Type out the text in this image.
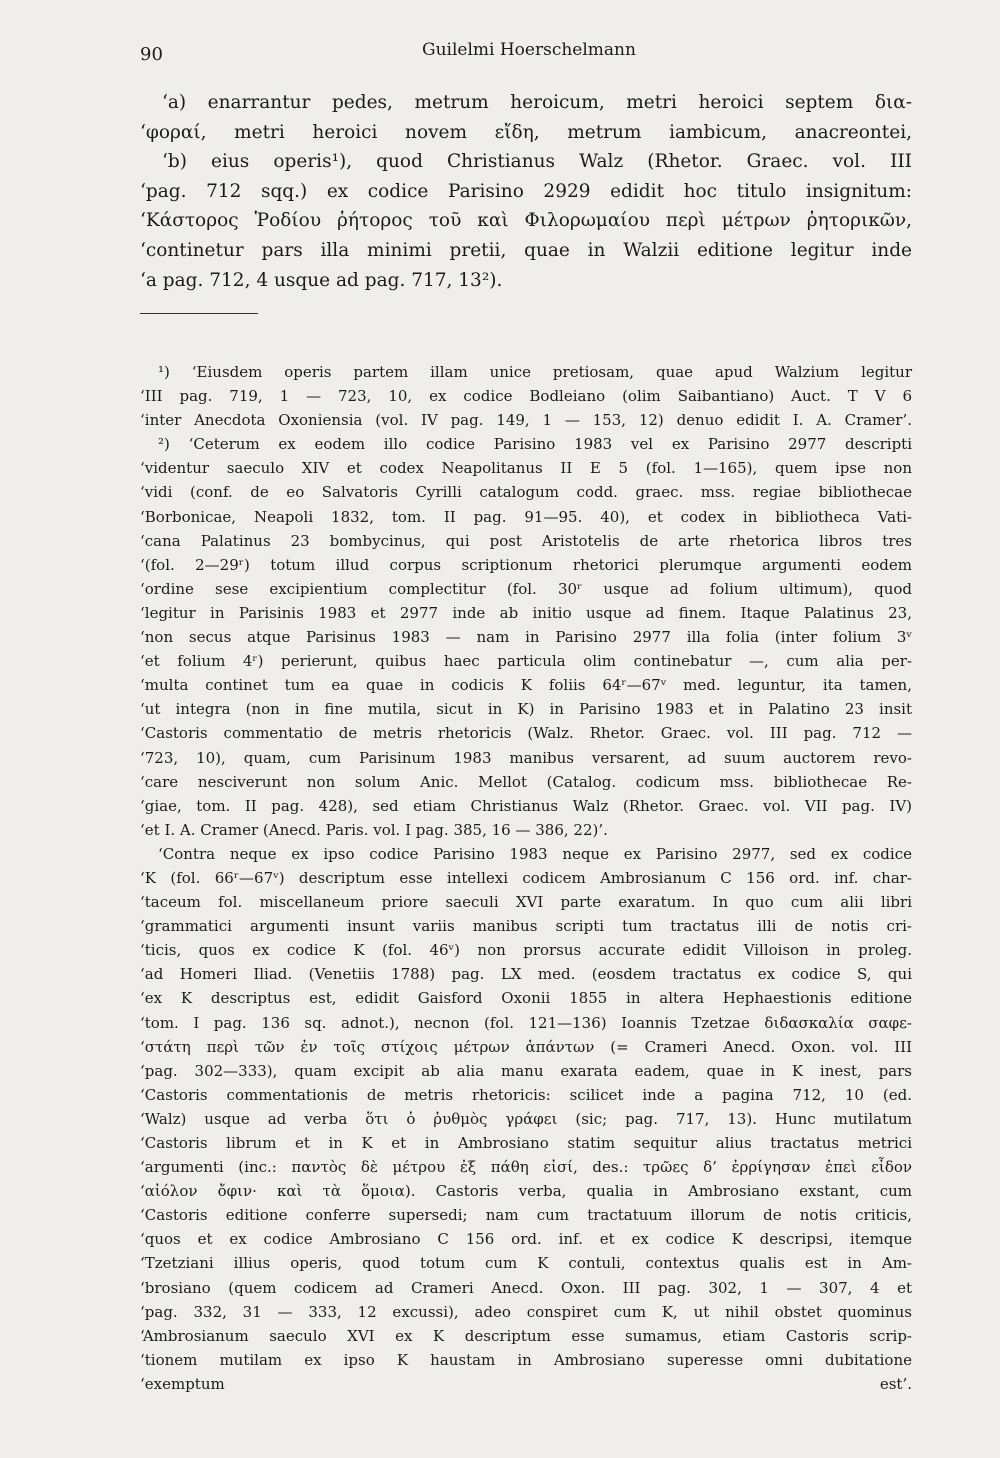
90	Guilelmi Hoerschelmann
‘a) enarrantur pedes, metrum heroicum, metri heroici septem δια-
‘φοραί, metri heroici novem εἴδη, metrum iambicum, anacreontei,
‘b) eius operis¹), quod Christianus Walz (Rhetor. Graec. vol. III
‘pag. 712 sqq.) ex codice Parisino 2929 edidit hoc titulo insignitum:
‘Κάστορος Ῥοδίου ῥήτορος τοῦ καὶ Φιλορωμαίου περὶ μέτρων ῥητορικῶν,
‘continetur pars illa minimi pretii, quae in Walzii editione legitur inde
‘a pag. 712, 4 usque ad pag. 717, 13²).
¹) ‘Eiusdem operis partem illam unice pretiosam, quae apud Walzium legitur
‘III pag. 719, 1 — 723, 10, ex codice Bodleiano (olim Saibantiano) Auct. T V 6
‘inter Anecdota Oxoniensia (vol. IV pag. 149, 1 — 153, 12) denuo edidit I. A. Cramer’.
²) ‘Ceterum ex eodem illo codice Parisino 1983 vel ex Parisino 2977 descripti
‘videntur saeculo XIV et codex Neapolitanus II E 5 (fol. 1—165), quem ipse non
‘vidi (conf. de eo Salvatoris Cyrilli catalogum codd. graec. mss. regiae bibliothecae
‘Borbonicae, Neapoli 1832, tom. II pag. 91—95. 40), et codex in bibliotheca Vati-
‘cana Palatinus 23 bombycinus, qui post Aristotelis de arte rhetorica libros tres
‘(fol. 2—29ʳ) totum illud corpus scriptionum rhetorici plerumque argumenti eodem
‘ordine sese excipientium complectitur (fol. 30ʳ usque ad folium ultimum), quod
‘legitur in Parisinis 1983 et 2977 inde ab initio usque ad finem. Itaque Palatinus 23,
‘non secus atque Parisinus 1983 — nam in Parisino 2977 illa folia (inter folium 3ᵛ
‘et folium 4ʳ) perierunt, quibus haec particula olim continebatur —, cum alia per-
‘multa continet tum ea quae in codicis K foliis 64ʳ—67ᵛ med. leguntur, ita tamen,
‘ut integra (non in fine mutila, sicut in K) in Parisino 1983 et in Palatino 23 insit
‘Castoris commentatio de metris rhetoricis (Walz. Rhetor. Graec. vol. III pag. 712 —
‘723, 10), quam, cum Parisinum 1983 manibus versarent, ad suum auctorem revo-
‘care nesciverunt non solum Anic. Mellot (Catalog. codicum mss. bibliothecae Re-
‘giae, tom. II pag. 428), sed etiam Christianus Walz (Rhetor. Graec. vol. VII pag. IV)
‘et I. A. Cramer (Anecd. Paris. vol. I pag. 385, 16 — 386, 22)’.
‘Contra neque ex ipso codice Parisino 1983 neque ex Parisino 2977, sed ex codice
‘K (fol. 66ʳ—67ᵛ) descriptum esse intellexi codicem Ambrosianum C 156 ord. inf. char-
‘taceum fol. miscellaneum priore saeculi XVI parte exaratum. In quo cum alii libri
‘grammatici argumenti insunt variis manibus scripti tum tractatus illi de notis cri-
‘ticis, quos ex codice K (fol. 46ᵛ) non prorsus accurate edidit Villoison in proleg.
‘ad Homeri Iliad. (Venetiis 1788) pag. LX med. (eosdem tractatus ex codice S, qui
‘ex K descriptus est, edidit Gaisford Oxonii 1855 in altera Hephaestionis editione
‘tom. I pag. 136 sq. adnot.), necnon (fol. 121—136) Ioannis Tzetzae διδασκαλία σαφε-
‘στάτη περὶ τῶν ἐν τοῖς στίχοις μέτρων ἁπάντων (= Crameri Anecd. Oxon. vol. III
‘pag. 302—333), quam excipit ab alia manu exarata eadem, quae in K inest, pars
‘Castoris commentationis de metris rhetoricis: scilicet inde a pagina 712, 10 (ed.
‘Walz) usque ad verba ὅτι ὁ ῥυθμὸς γράφει (sic; pag. 717, 13). Hunc mutilatum
‘Castoris librum et in K et in Ambrosiano statim sequitur alius tractatus metrici
‘argumenti (inc.: παντὸς δὲ μέτρου ἐξ πάθη εἰσί, des.: τρῶες δ’ ἐρρίγησαν ἐπεὶ εἶδον
‘αἰόλον ὄφιν· καὶ τὰ ὅμοια). Castoris verba, qualia in Ambrosiano exstant, cum
‘Castoris editione conferre supersedi; nam cum tractatuum illorum de notis criticis,
‘quos et ex codice Ambrosiano C 156 ord. inf. et ex codice K descripsi, itemque
‘Tzetziani illius operis, quod totum cum K contuli, contextus qualis est in Am-
‘brosiano (quem codicem ad Crameri Anecd. Oxon. III pag. 302, 1 — 307, 4 et
‘pag. 332, 31 — 333, 12 excussi), adeo conspiret cum K, ut nihil obstet quominus
‘Ambrosianum saeculo XVI ex K descriptum esse sumamus, etiam Castoris scrip-
‘tionem mutilam ex ipso K haustam in Ambrosiano superesse omni dubitatione
‘exemptum est’.
